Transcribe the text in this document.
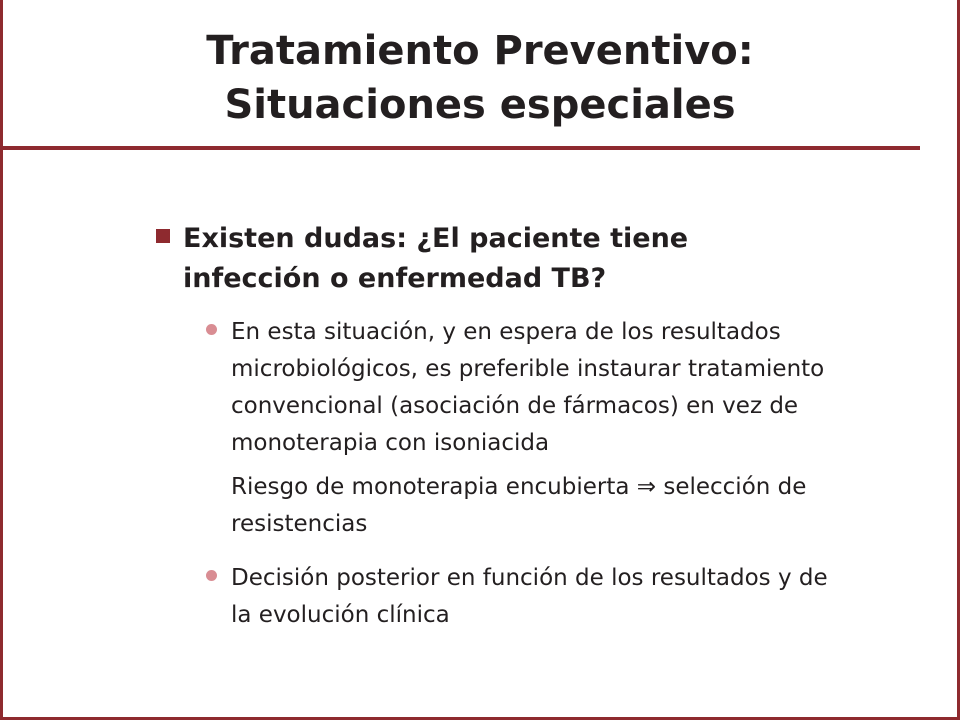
Tratamiento Preventivo:
Situaciones especiales
Existen dudas: ¿El paciente tiene infección o enfermedad TB?
En esta situación, y en espera de los resultados microbiológicos, es preferible instaurar tratamiento convencional (asociación de fármacos) en vez de monoterapia con isoniacida
Riesgo de monoterapia encubierta ⇒ selección de resistencias
Decisión posterior en función de los resultados y de la evolución clínica
